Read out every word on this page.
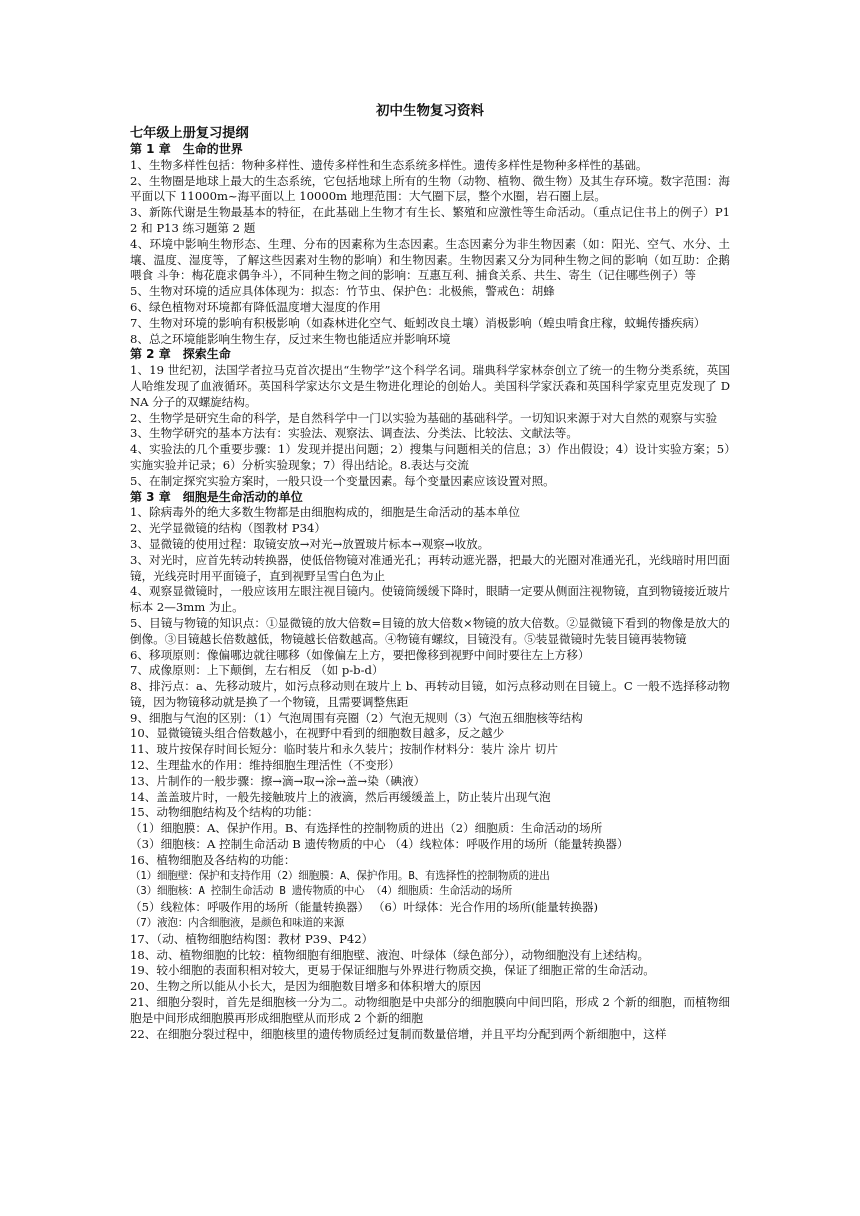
初中生物复习资料
七年级上册复习提纲
第 1 章　生命的世界
1、生物多样性包括：物种多样性、遗传多样性和生态系统多样性。遗传多样性是物种多样性的基础。
2、生物圈是地球上最大的生态系统，它包括地球上所有的生物（动物、植物、微生物）及其生存环境。数字范围：海平面以下 11000m~海平面以上 10000m 地理范围：大气圈下层，整个水圈，岩石圈上层。
3、新陈代谢是生物最基本的特征，在此基础上生物才有生长、繁殖和应激性等生命活动。（重点记住书上的例子）P12 和 P13 练习题第 2 题
4、环境中影响生物形态、生理、分布的因素称为生态因素。生态因素分为非生物因素（如：阳光、空气、水分、土壤、温度、湿度等，了解这些因素对生物的影响）和生物因素。生物因素又分为同种生物之间的影响（如互助：企鹅喂食 斗争：梅花鹿求偶争斗），不同种生物之间的影响：互惠互利、捕食关系、共生、寄生（记住哪些例子）等
5、生物对环境的适应具体体现为：拟态：竹节虫、保护色：北极熊，警戒色：胡蜂
6、绿色植物对环境都有降低温度增大湿度的作用
7、生物对环境的影响有积极影响（如森林进化空气、蚯蚓改良土壤）消极影响（蝗虫啃食庄稼，蚊蝇传播疾病）
8、总之环境能影响生物生存，反过来生物也能适应并影响环境
第 2 章　探索生命
1、19 世纪初，法国学者拉马克首次提出“生物学”这个科学名词。瑞典科学家林奈创立了统一的生物分类系统，英国人哈维发现了血液循环。英国科学家达尔文是生物进化理论的创始人。美国科学家沃森和英国科学家克里克发现了 DNA 分子的双螺旋结构。
2、生物学是研究生命的科学，是自然科学中一门以实验为基础的基础科学。一切知识来源于对大自然的观察与实验
3、生物学研究的基本方法有：实验法、观察法、调查法、分类法、比较法、文献法等。
4、实验法的几个重要步骤：1）发现并提出问题；2）搜集与问题相关的信息；3）作出假设；4）设计实验方案；5）实施实验并记录；6）分析实验现象；7）得出结论。8.表达与交流
5、在制定探究实验方案时，一般只设一个变量因素。每个变量因素应该设置对照。
第 3 章　细胞是生命活动的单位
1、除病毒外的绝大多数生物都是由细胞构成的，细胞是生命活动的基本单位
2、光学显微镜的结构（图教材 P34）
3、显微镜的使用过程：取镜安放→对光→放置玻片标本→观察→收放。
3、对光时，应首先转动转换器，使低倍物镜对准通光孔；再转动遮光器，把最大的光圈对准通光孔，光线暗时用凹面镜，光线亮时用平面镜子，直到视野呈雪白色为止
4、观察显微镜时，一般应该用左眼注视目镜内。使镜筒缓缓下降时，眼睛一定要从侧面注视物镜，直到物镜接近玻片标本 2—3mm 为止。
5、目镜与物镜的知识点：①显微镜的放大倍数=目镜的放大倍数×物镜的放大倍数。②显微镜下看到的物像是放大的倒像。③目镜越长倍数越低，物镜越长倍数越高。④物镜有螺纹，目镜没有。⑤装显微镜时先装目镜再装物镜
6、移项原则：像偏哪边就往哪移（如像偏左上方，要把像移到视野中间时要往左上方移）
7、成像原则：上下颠倒，左右相反 （如 p-b-d）
8、排污点：a、先移动玻片，如污点移动则在玻片上 b、再转动目镜，如污点移动则在目镜上。C 一般不选择移动物镜，因为物镜移动就是换了一个物镜，且需要调整焦距
9、细胞与气泡的区别：（1）气泡周围有亮圈（2）气泡无规则（3）气泡五细胞核等结构
10、显微镜镜头组合倍数越小，在视野中看到的细胞数目越多，反之越少
11、玻片按保存时间长短分：临时装片和永久装片；按制作材料分：装片 涂片 切片
12、生理盐水的作用：维持细胞生理活性（不变形）
13、片制作的一般步骤：擦→滴→取→涂→盖→染（碘液）
14、盖盖玻片时，一般先接触玻片上的液滴，然后再缓缓盖上，防止装片出现气泡
15、动物细胞结构及个结构的功能：
（1）细胞膜：A、保护作用。B、有选择性的控制物质的进出（2）细胞质：生命活动的场所
（3）细胞核：A 控制生命活动 B 遗传物质的中心 （4）线粒体：呼吸作用的场所（能量转换器）
16、植物细胞及各结构的功能：
（1）细胞壁：保护和支持作用（2）细胞膜：A、保护作用。B、有选择性的控制物质的进出
（3）细胞核：A 控制生命活动 B 遗传物质的中心 （4）细胞质：生命活动的场所
（5）线粒体：呼吸作用的场所（能量转换器） （6）叶绿体：光合作用的场所(能量转换器)
（7）液泡：内含细胞液，是颜色和味道的来源
17、（动、植物细胞结构图：教材 P39、P42）
18、动、植物细胞的比较：植物细胞有细胞壁、液泡、叶绿体（绿色部分），动物细胞没有上述结构。
19、较小细胞的表面积相对较大，更易于保证细胞与外界进行物质交换，保证了细胞正常的生命活动。
20、生物之所以能从小长大，是因为细胞数目增多和体积增大的原因
21、细胞分裂时，首先是细胞核一分为二。动物细胞是中央部分的细胞膜向中间凹陷，形成 2 个新的细胞，而植物细胞是中间形成细胞膜再形成细胞壁从而形成 2 个新的细胞
22、在细胞分裂过程中，细胞核里的遗传物质经过复制而数量倍增，并且平均分配到两个新细胞中，这样
